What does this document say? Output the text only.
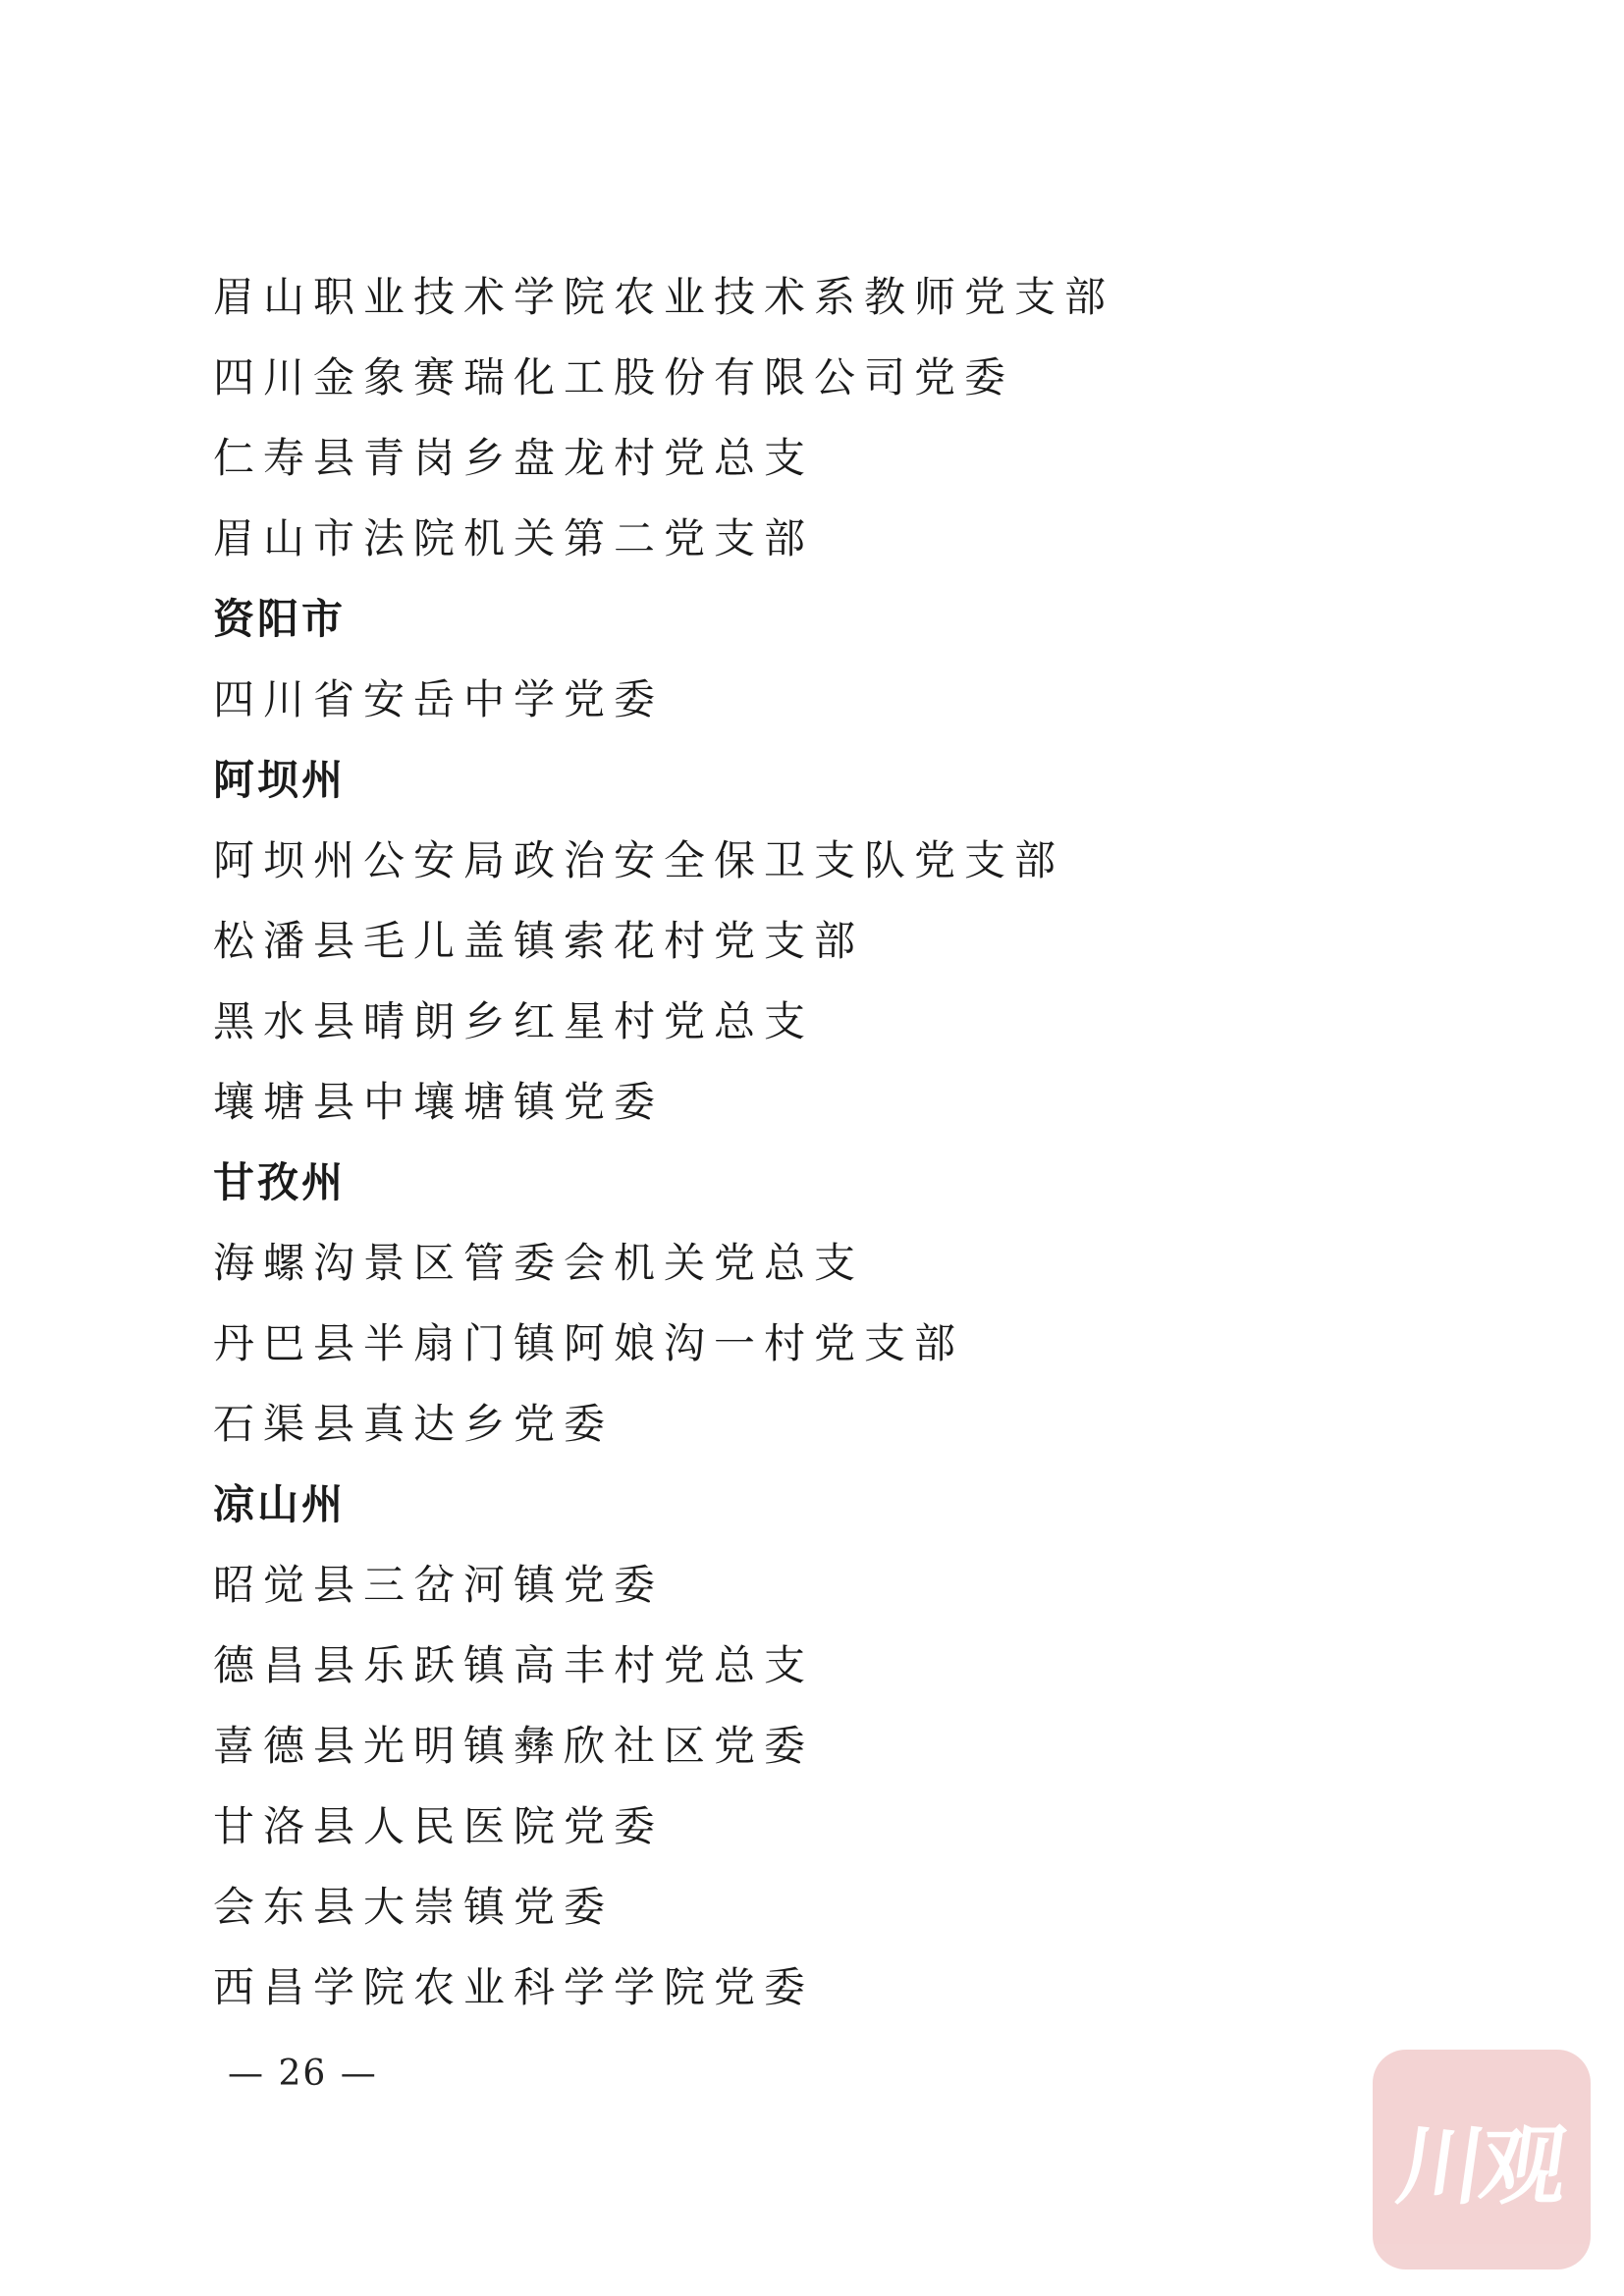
眉山职业技术学院农业技术系教师党支部
四川金象赛瑞化工股份有限公司党委
仁寿县青岗乡盘龙村党总支
眉山市法院机关第二党支部
资阳市
四川省安岳中学党委
阿坝州
阿坝州公安局政治安全保卫支队党支部
松潘县毛儿盖镇索花村党支部
黑水县晴朗乡红星村党总支
壤塘县中壤塘镇党委
甘孜州
海螺沟景区管委会机关党总支
丹巴县半扇门镇阿娘沟一村党支部
石渠县真达乡党委
凉山州
昭觉县三岔河镇党委
德昌县乐跃镇高丰村党总支
喜德县光明镇彝欣社区党委
甘洛县人民医院党委
会东县大崇镇党委
西昌学院农业科学学院党委
— 26 —
川观
